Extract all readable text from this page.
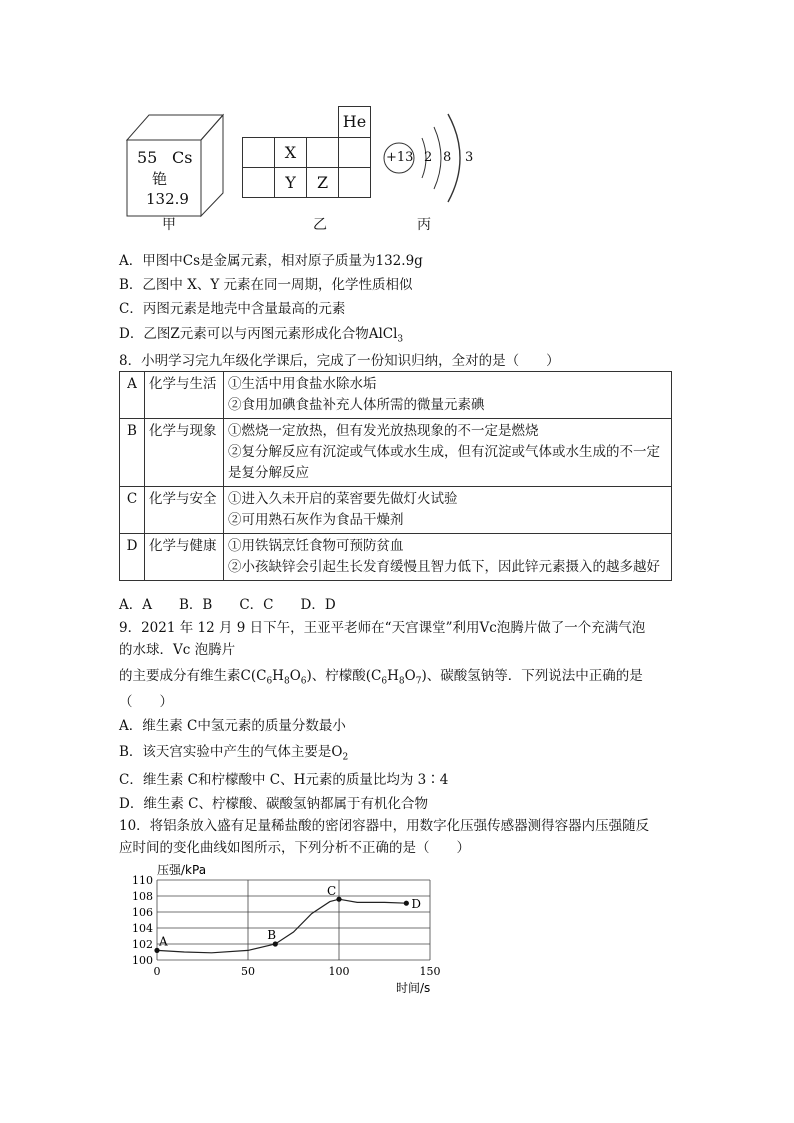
55 Cs
铯
132.9
甲
X
He
Y	Z
乙
+13 2 8 3
丙
A．甲图中Cs是金属元素，相对原子质量为132.9g
B．乙图中 X、Y 元素在同一周期，化学性质相似
C．丙图元素是地壳中含量最高的元素
D．乙图Z元素可以与丙图元素形成化合物AlCl$_3$
8．小明学习完九年级化学课后，完成了一份知识归纳，全对的是（　　）
A	化学与生活	①生活中用食盐水除水垢
②食用加碘食盐补充人体所需的微量元素碘

B	化学与现象	①燃烧一定放热，但有发光放热现象的不一定是燃烧
②复分解反应有沉淀或气体或水生成，但有沉淀或气体或水生成的不一定是复分解反应

C	化学与安全	①进入久未开启的菜窖要先做灯火试验
②可用熟石灰作为食品干燥剂

D	化学与健康	①用铁锅烹饪食物可预防贫血
②小孩缺锌会引起生长发育缓慢且智力低下，因此锌元素摄入的越多越好
A．A　　B．B　　C．C　　D．D
9．2021 年 12 月 9 日下午，王亚平老师在“天宫课堂”利用Vc泡腾片做了一个充满气泡
的水球．Vc 泡腾片
的主要成分有维生素$C(C_6H_8O_6)$、柠檬酸$(C_6H_8O_7)$、碳酸氢钠等．下列说法中正确的是
（　　）
A．维生素 C中氢元素的质量分数最小
B．该天宫实验中产生的气体主要是$O_2$
C．维生素 C和柠檬酸中 C、H元素的质量比均为 3∶4
D．维生素 C、柠檬酸、碳酸氢钠都属于有机化合物
10．将铝条放入盛有足量稀盐酸的密闭容器中，用数字化压强传感器测得容器内压强随反
应时间的变化曲线如图所示，下列分析不正确的是（　　）
100
102
104
106
108
110
0	50	100	150
压强/kPa
时间/s
A	B
C
D
